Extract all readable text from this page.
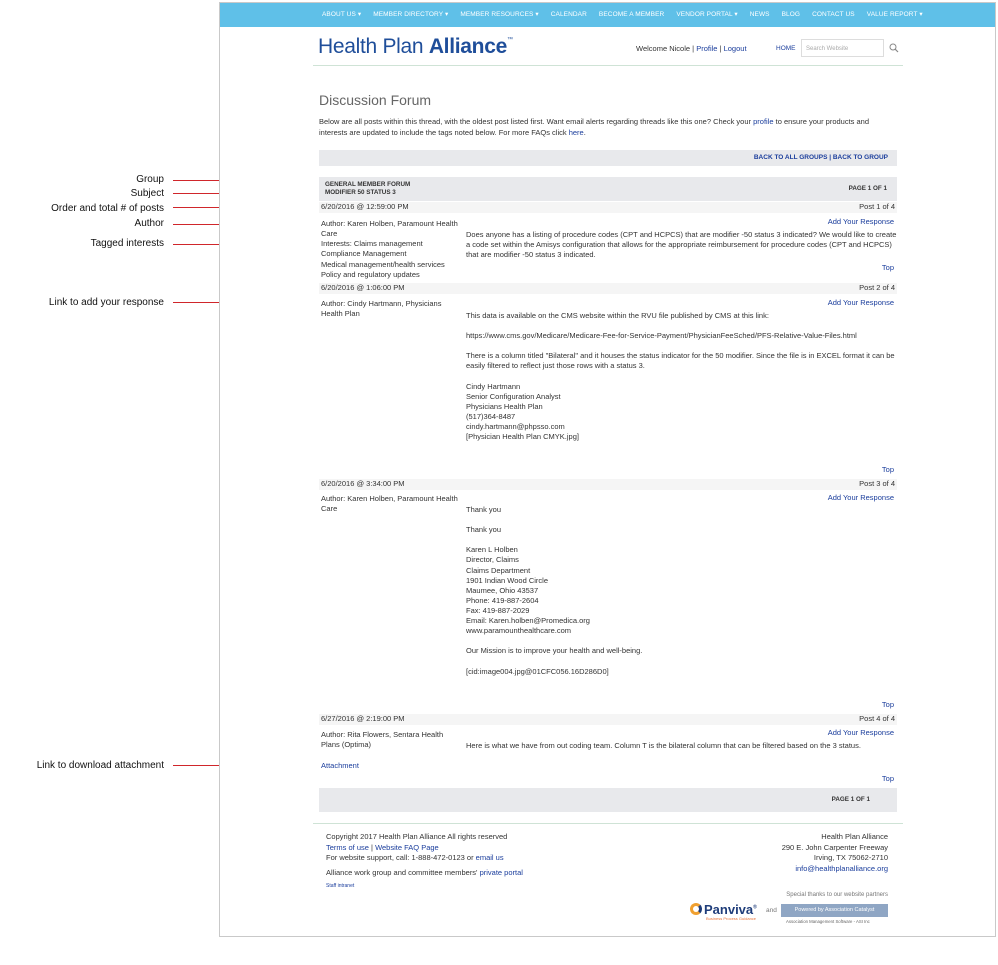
Group
Subject
Order and total # of posts
Author
Tagged interests
Link to add your response
Link to download attachment
ABOUT US ▾ MEMBER DIRECTORY ▾ MEMBER RESOURCES ▾ CALENDAR BECOME A MEMBER VENDOR PORTAL ▾ NEWS BLOG CONTACT US VALUE REPORT ▾
Health Plan Alliance™
Welcome Nicole | Profile | Logout	HOME	Search Website
Discussion Forum
Below are all posts within this thread, with the oldest post listed first. Want email alerts regarding threads like this one? Check your profile to ensure your products and interests are updated to include the tags noted below. For more FAQs click here.
BACK TO ALL GROUPS | BACK TO GROUP
GENERAL MEMBER FORUM
MODIFIER 50 STATUS 3
PAGE 1 OF 1
6/20/2016 @ 12:59:00 PM	Post 1 of 4
Author: Karen Holben, Paramount Health Care
Interests: Claims management
Compliance Management
Medical management/health services
Policy and regulatory updates
Add Your Response

Does anyone has a listing of procedure codes (CPT and HCPCS) that are modifier -50 status 3 indicated? We would like to create a code set within the Amisys configuration that allows for the appropriate reimbursement for procedure codes (CPT and HCPCS) that are modifier -50 status 3 indicated.

Top
6/20/2016 @ 1:06:00 PM	Post 2 of 4
Author: Cindy Hartmann, Physicians Health Plan
Add Your Response

This data is available on the CMS website within the RVU file published by CMS at this link:

https://www.cms.gov/Medicare/Medicare-Fee-for-Service-Payment/PhysicianFeeSched/PFS-Relative-Value-Files.html

There is a column titled "Bilateral" and it houses the status indicator for the 50 modifier. Since the file is in EXCEL format it can be easily filtered to reflect just those rows with a status 3.

Cindy Hartmann
Senior Configuration Analyst
Physicians Health Plan
(517)364-8487
cindy.hartmann@phpsso.com
[Physician Health Plan CMYK.jpg]

Top
6/20/2016 @ 3:34:00 PM	Post 3 of 4
Author: Karen Holben, Paramount Health Care
Add Your Response

Thank you

Thank you

Karen L Holben
Director, Claims
Claims Department
1901 Indian Wood Circle
Maumee, Ohio 43537
Phone: 419-887-2604
Fax: 419-887-2029
Email: Karen.holben@Promedica.org
www.paramounthealthcare.com

Our Mission is to improve your health and well-being.

[cid:image004.jpg@01CFC056.16D286D0]

Top
6/27/2016 @ 2:19:00 PM	Post 4 of 4
Author: Rita Flowers, Sentara Health Plans (Optima)
Add Your Response

Here is what we have from out coding team. Column T is the bilateral column that can be filtered based on the 3 status.

Attachment
Top
PAGE 1 OF 1
Copyright 2017 Health Plan Alliance All rights reserved
Terms of use | Website FAQ Page
For website support, call: 1-888-472-0123 or email us
Alliance work group and committee members' private portal
Staff intranet
Health Plan Alliance
290 E. John Carpenter Freeway
Irving, TX 75062-2710
info@healthplanalliance.org
Special thanks to our website partners
Panviva®
Business Process Guidance
and	Powered by Association Catalyst
Association Management Software - ASI Inc
